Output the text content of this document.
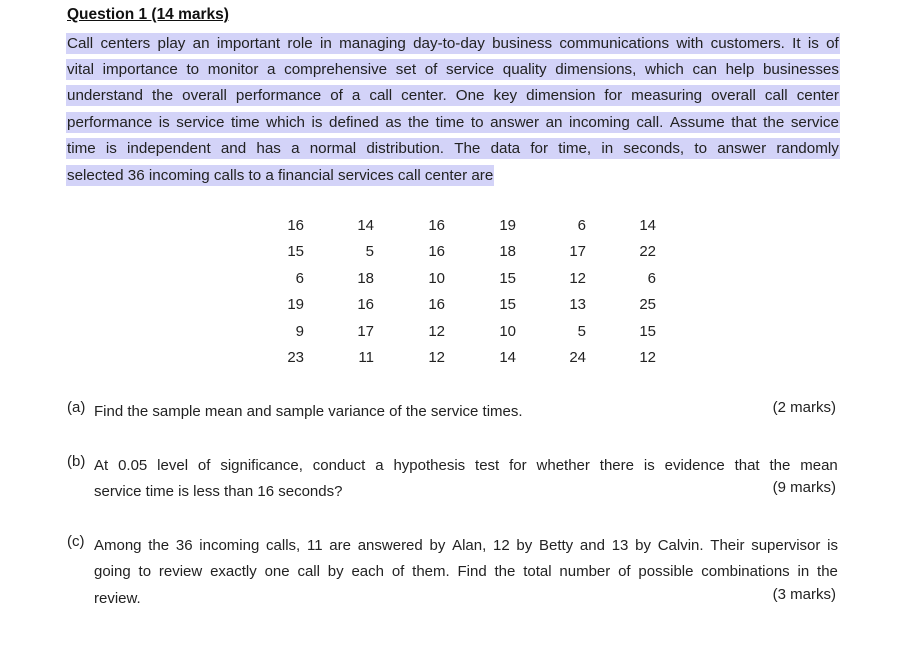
Question 1 (14 marks)
Call centers play an important role in managing day-to-day business communications with customers. It is of
vital importance to monitor a comprehensive set of service quality dimensions, which can help businesses
understand the overall performance of a call center. One key dimension for measuring overall call center
performance is service time which is defined as the time to answer an incoming call. Assume that the service
time is independent and has a normal distribution. The data for time, in seconds, to answer randomly
selected 36 incoming calls to a financial services call center are
16	14	16	19	6	14
15	5	16	18	17	22
6	18	10	15	12	6
19	16	16	15	13	25
9	17	12	10	5	15
23	11	12	14	24	12
(a) Find the sample mean and sample variance of the service times.	(2 marks)
(b) At 0.05 level of significance, conduct a hypothesis test for whether there is evidence that the mean
service time is less than 16 seconds?	(9 marks)
(c) Among the 36 incoming calls, 11 are answered by Alan, 12 by Betty and 13 by Calvin. Their supervisor is
going to review exactly one call by each of them. Find the total number of possible combinations in the
review.	(3 marks)
